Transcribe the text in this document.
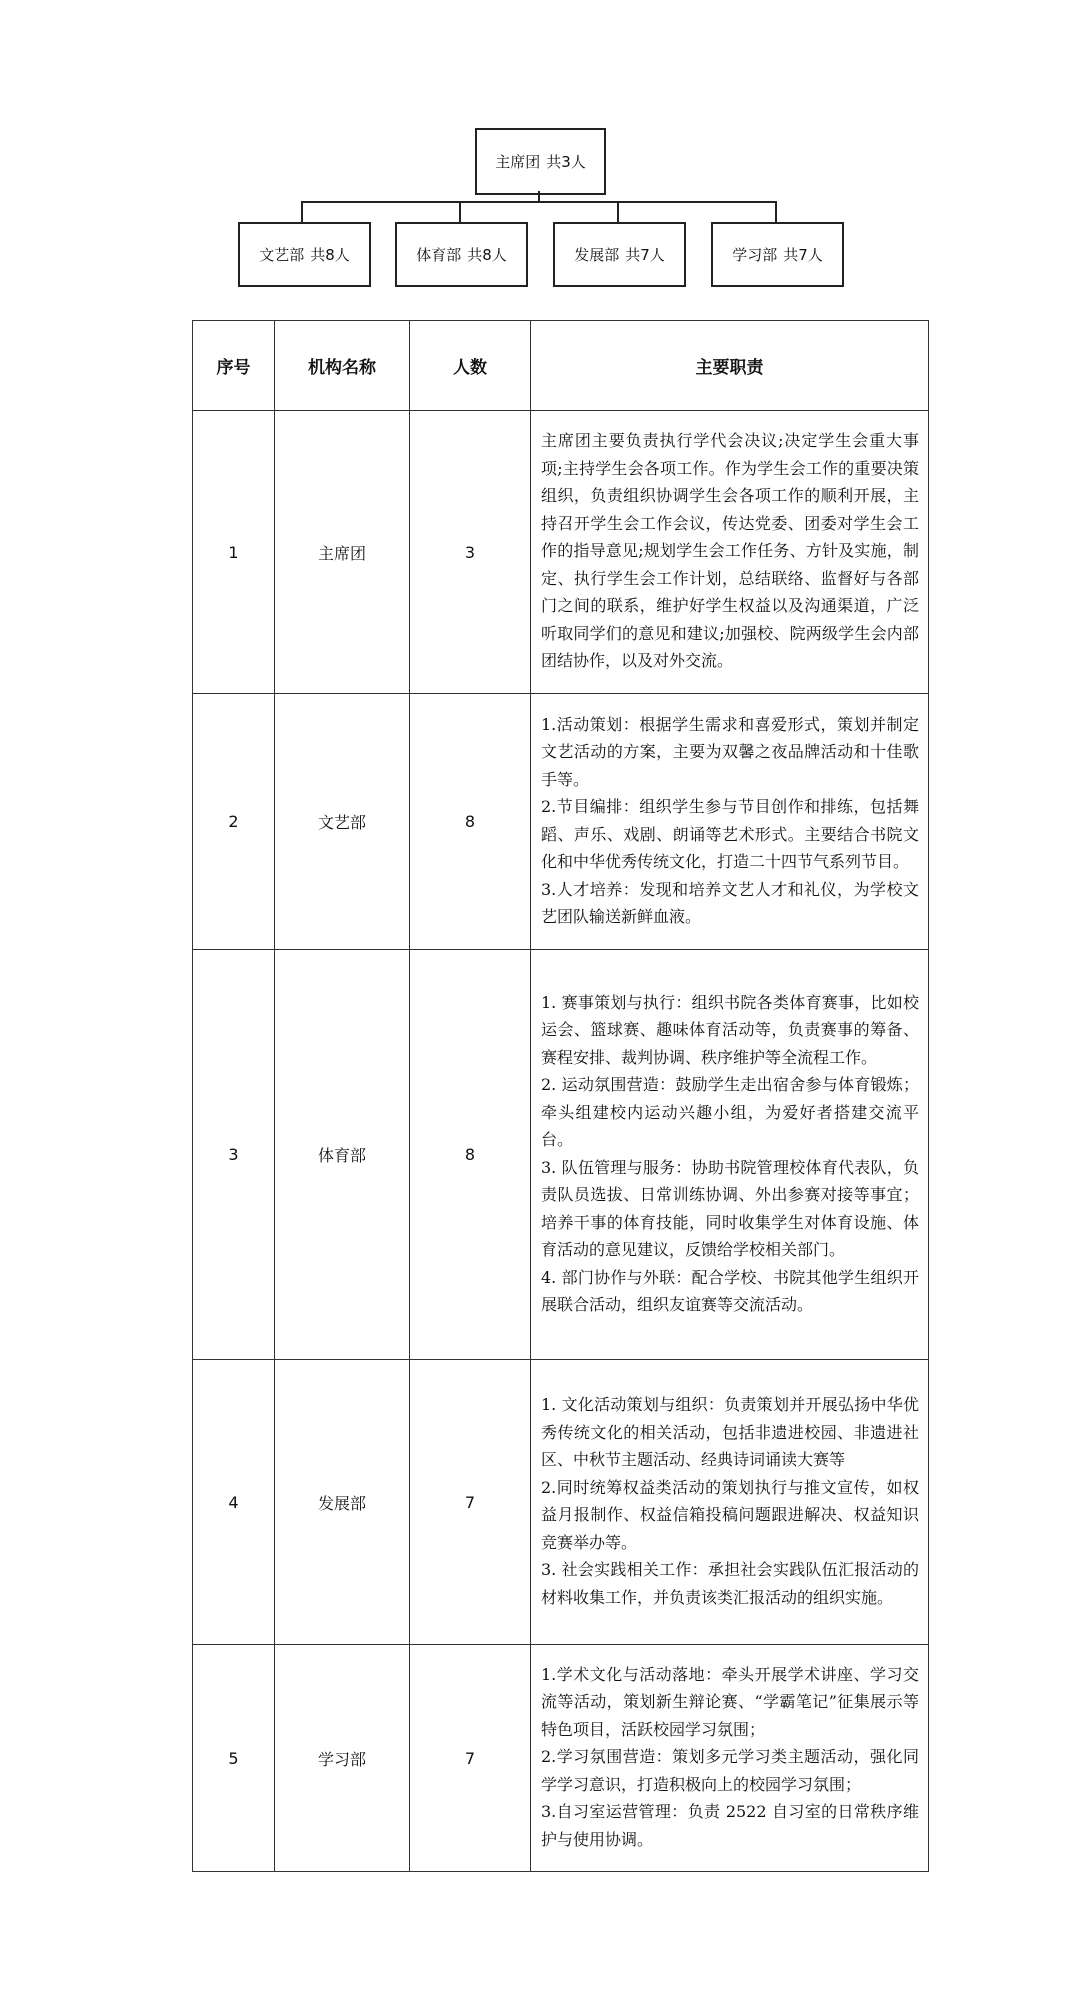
主席团 共3人
文艺部 共8人	体育部 共8人	发展部 共7人	学习部 共7人
序号	机构名称	人数	主要职责
1	主席团	3	主席团主要负责执行学代会决议;决定学生会重大事项;主持学生会各项工作。作为学生会工作的重要决策组织，负责组织协调学生会各项工作的顺利开展，主持召开学生会工作会议，传达党委、团委对学生会工作的指导意见;规划学生会工作任务、方针及实施，制定、执行学生会工作计划，总结联络、监督好与各部门之间的联系，维护好学生权益以及沟通渠道，广泛听取同学们的意见和建议;加强校、院两级学生会内部团结协作，以及对外交流。

2	文艺部	8	1.活动策划：根据学生需求和喜爱形式，策划并制定文艺活动的方案，主要为双馨之夜品牌活动和十佳歌手等。

2.节目编排：组织学生参与节目创作和排练，包括舞蹈、声乐、戏剧、朗诵等艺术形式。主要结合书院文化和中华优秀传统文化，打造二十四节气系列节目。

3.人才培养：发现和培养文艺人才和礼仪，为学校文艺团队输送新鲜血液。

3	体育部	8	1. 赛事策划与执行：组织书院各类体育赛事，比如校运会、篮球赛、趣味体育活动等，负责赛事的筹备、赛程安排、裁判协调、秩序维护等全流程工作。

2. 运动氛围营造：鼓励学生走出宿舍参与体育锻炼；牵头组建校内运动兴趣小组，为爱好者搭建交流平台。

3. 队伍管理与服务：协助书院管理校体育代表队，负责队员选拔、日常训练协调、外出参赛对接等事宜；培养干事的体育技能，同时收集学生对体育设施、体育活动的意见建议，反馈给学校相关部门。

4. 部门协作与外联：配合学校、书院其他学生组织开展联合活动，组织友谊赛等交流活动。

4	发展部	7	1. 文化活动策划与组织：负责策划并开展弘扬中华优秀传统文化的相关活动，包括非遗进校园、非遗进社区、中秋节主题活动、经典诗词诵读大赛等

2.同时统筹权益类活动的策划执行与推文宣传，如权益月报制作、权益信箱投稿问题跟进解决、权益知识竞赛举办等。

3. 社会实践相关工作：承担社会实践队伍汇报活动的材料收集工作，并负责该类汇报活动的组织实施。

5	学习部	7	1.学术文化与活动落地：牵头开展学术讲座、学习交流等活动，策划新生辩论赛、“学霸笔记”征集展示等特色项目，活跃校园学习氛围；

2.学习氛围营造：策划多元学习类主题活动，强化同学学习意识，打造积极向上的校园学习氛围；

3.自习室运营管理：负责 2522 自习室的日常秩序维护与使用协调。
